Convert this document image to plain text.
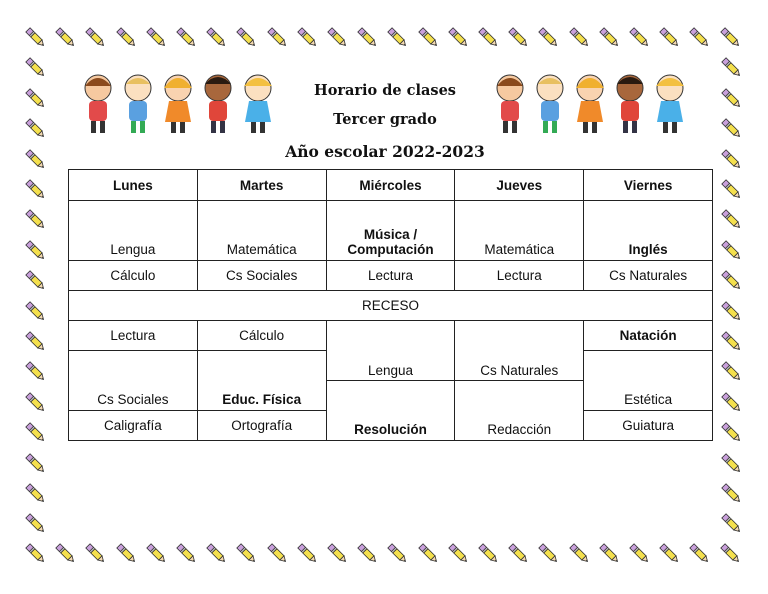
Horario de clases
Tercer grado
Año escolar 2022-2023
Lunes	Martes	Miércoles	Jueves	Viernes
Lengua	Matemática	Música / Computación	Matemática	Inglés
Cálculo	Cs Sociales	Lectura	Lectura	Cs Naturales
RECESO				
Lectura	Cálculo	Lengua	Cs Naturales	Natación
Cs Sociales	Educ. Física			Estética
		Resolución	Redacción	
Caligrafía	Ortografía			Guiatura
